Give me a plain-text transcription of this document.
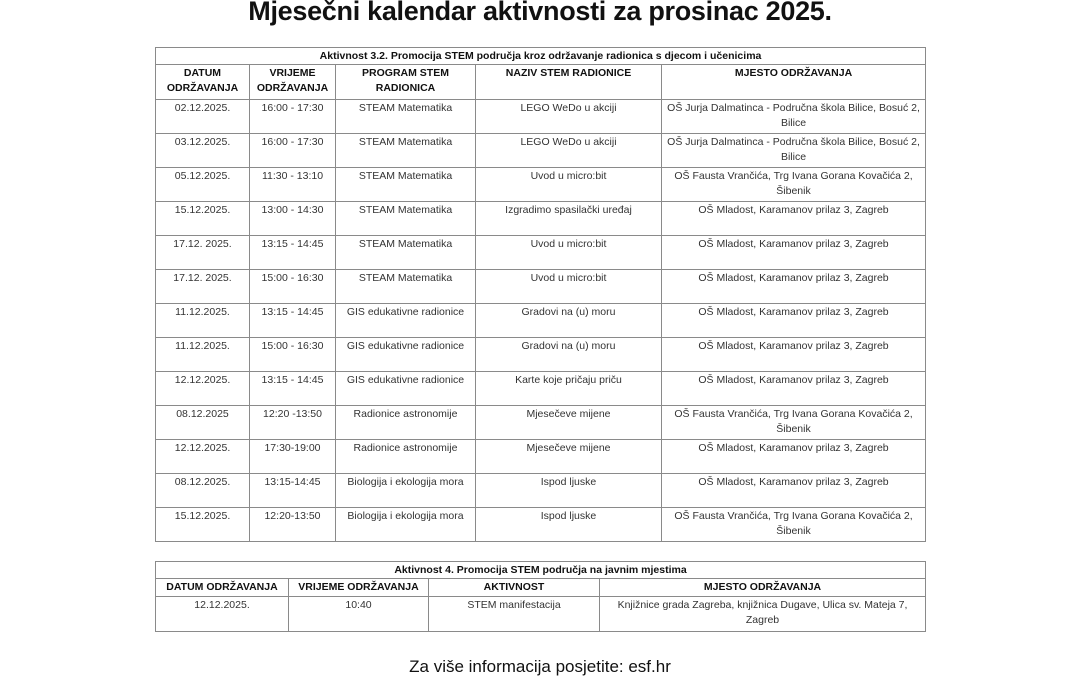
Mjesečni kalendar aktivnosti za prosinac 2025.
Aktivnost 3.2. Promocija STEM područja kroz održavanje radionica s djecom i učenicima				
DATUM ODRŽAVANJA	VRIJEME ODRŽAVANJA	PROGRAM STEM RADIONICA	NAZIV STEM RADIONICE	MJESTO ODRŽAVANJA
02.12.2025.	16:00 - 17:30	STEAM Matematika	LEGO WeDo u akciji	OŠ Jurja Dalmatinca - Područna škola Bilice, Bosuć 2, Bilice
03.12.2025.	16:00 - 17:30	STEAM Matematika	LEGO WeDo u akciji	OŠ Jurja Dalmatinca - Područna škola Bilice, Bosuć 2, Bilice
05.12.2025.	11:30 - 13:10	STEAM Matematika	Uvod u micro:bit	OŠ Fausta Vrančića, Trg Ivana Gorana Kovačića 2, Šibenik
15.12.2025.	13:00 - 14:30	STEAM Matematika	Izgradimo spasilački uređaj	OŠ Mladost, Karamanov prilaz 3, Zagreb
17.12. 2025.	13:15 - 14:45	STEAM Matematika	Uvod u micro:bit	OŠ Mladost, Karamanov prilaz 3, Zagreb
17.12. 2025.	15:00 - 16:30	STEAM Matematika	Uvod u micro:bit	OŠ Mladost, Karamanov prilaz 3, Zagreb
11.12.2025.	13:15 - 14:45	GIS edukativne radionice	Gradovi na (u) moru	OŠ Mladost, Karamanov prilaz 3, Zagreb
11.12.2025.	15:00 - 16:30	GIS edukativne radionice	Gradovi na (u) moru	OŠ Mladost, Karamanov prilaz 3, Zagreb
12.12.2025.	13:15 - 14:45	GIS edukativne radionice	Karte koje pričaju priču	OŠ Mladost, Karamanov prilaz 3, Zagreb
08.12.2025	12:20 -13:50	Radionice astronomije	Mjesečeve mijene	OŠ Fausta Vrančića, Trg Ivana Gorana Kovačića 2, Šibenik
12.12.2025.	17:30-19:00	Radionice astronomije	Mjesečeve mijene	OŠ Mladost, Karamanov prilaz 3, Zagreb
08.12.2025.	13:15-14:45	Biologija i ekologija mora	Ispod ljuske	OŠ Mladost, Karamanov prilaz 3, Zagreb
15.12.2025.	12:20-13:50	Biologija i ekologija mora	Ispod ljuske	OŠ Fausta Vrančića, Trg Ivana Gorana Kovačića 2, Šibenik
Aktivnost 4. Promocija STEM područja na javnim mjestima			
DATUM ODRŽAVANJA	VRIJEME ODRŽAVANJA	AKTIVNOST	MJESTO ODRŽAVANJA
12.12.2025.	10:40	STEM manifestacija	Knjižnice grada Zagreba, knjižnica Dugave, Ulica sv. Mateja 7, Zagreb
Za više informacija posjetite: esf.hr
